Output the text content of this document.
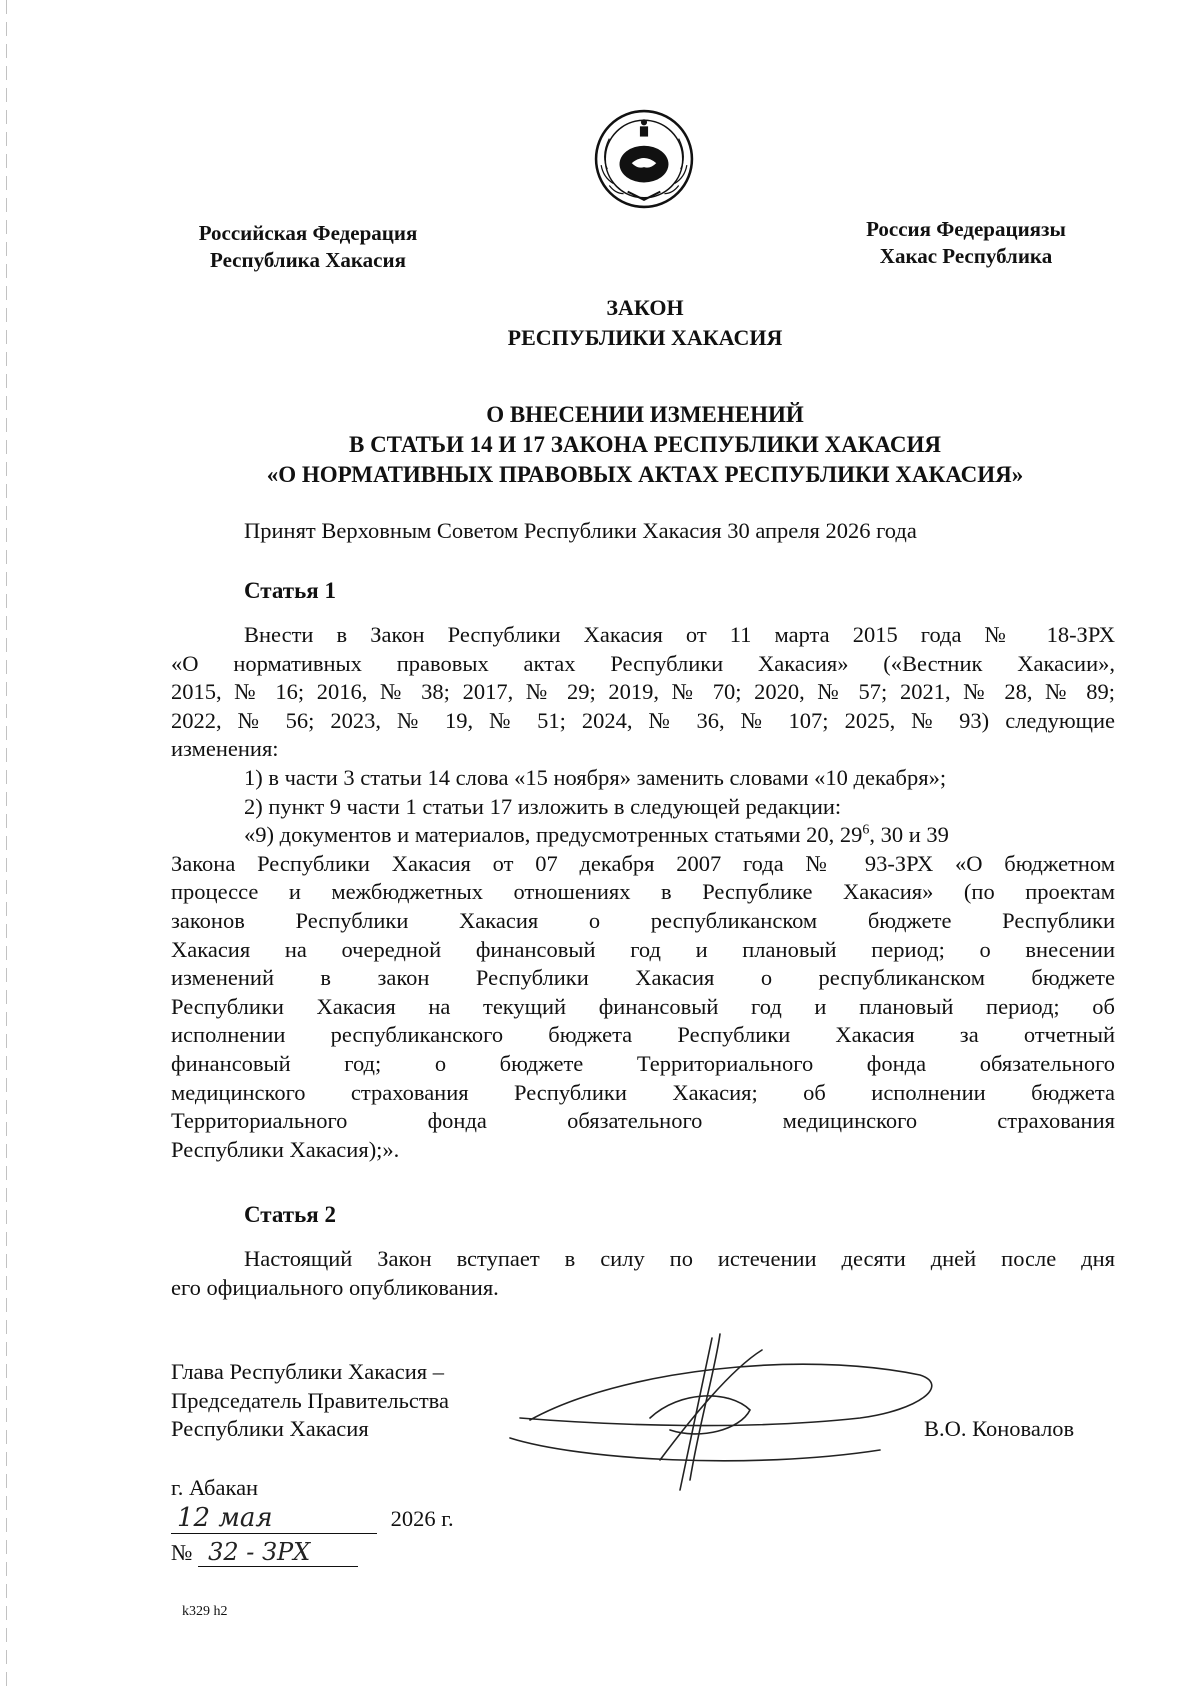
Российская Федерация
Республика Хакасия
Россия Федерациязы
Хакас Республика
ЗАКОН
РЕСПУБЛИКИ ХАКАСИЯ
О ВНЕСЕНИИ ИЗМЕНЕНИЙ
В СТАТЬИ 14 И 17 ЗАКОНА РЕСПУБЛИКИ ХАКАСИЯ
«О НОРМАТИВНЫХ ПРАВОВЫХ АКТАХ РЕСПУБЛИКИ ХАКАСИЯ»
Принят Верховным Советом Республики Хакасия 30 апреля 2026 года
Статья 1
Внести в Закон Республики Хакасия от 11 марта 2015 года № 18-ЗРХ
«О нормативных правовых актах Республики Хакасия» («Вестник Хакасии»,
2015, № 16; 2016, № 38; 2017, № 29; 2019, № 70; 2020, № 57; 2021, № 28, № 89;
2022, № 56; 2023, № 19, № 51; 2024, № 36, № 107; 2025, № 93) следующие
изменения:
1) в части 3 статьи 14 слова «15 ноября» заменить словами «10 декабря»;
2) пункт 9 части 1 статьи 17 изложить в следующей редакции:
«9) документов и материалов, предусмотренных статьями 20, $29^6$, 30 и 39
Закона Республики Хакасия от 07 декабря 2007 года № 93-ЗРХ «О бюджетном
процессе и межбюджетных отношениях в Республике Хакасия» (по проектам
законов Республики Хакасия о республиканском бюджете Республики
Хакасия на очередной финансовый год и плановый период; о внесении
изменений в закон Республики Хакасия о республиканском бюджете
Республики Хакасия на текущий финансовый год и плановый период; об
исполнении республиканского бюджета Республики Хакасия за отчетный
финансовый год; о бюджете Территориального фонда обязательного
медицинского страхования Республики Хакасия; об исполнении бюджета
Территориального фонда обязательного медицинского страхования
Республики Хакасия);».
Статья 2
Настоящий Закон вступает в силу по истечении десяти дней после дня
его официального опубликования.
Глава Республики Хакасия –
Председатель Правительства
Республики Хакасия	В.О. Коновалов
г. Абакан
12 мая	2026 г.
№ 32 - ЗРХ
k329 h2
